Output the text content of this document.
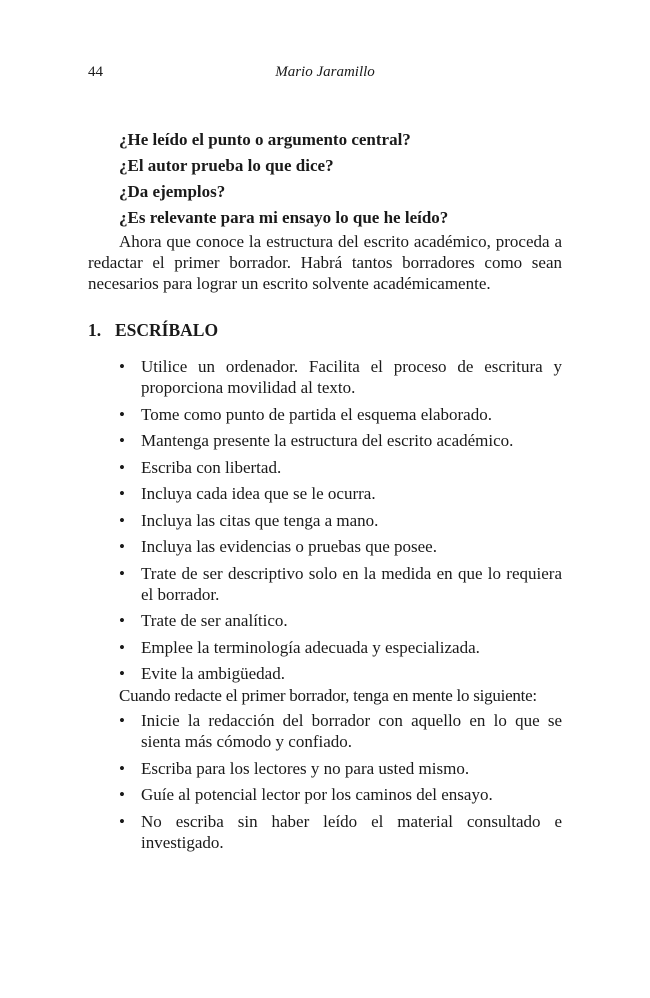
44	Mario Jaramillo
¿He leído el punto o argumento central?
¿El autor prueba lo que dice?
¿Da ejemplos?
¿Es relevante para mi ensayo lo que he leído?

Ahora que conoce la estructura del escrito académico, proceda a redactar el primer borrador. Habrá tantos borradores como sean necesarios para lograr un escrito solvente académicamente.

1. ESCRÍBALO
• Utilice un ordenador. Facilita el proceso de escritura y proporciona movilidad al texto.
• Tome como punto de partida el esquema elaborado.
• Mantenga presente la estructura del escrito académico.
• Escriba con libertad.
• Incluya cada idea que se le ocurra.
• Incluya las citas que tenga a mano.
• Incluya las evidencias o pruebas que posee.
• Trate de ser descriptivo solo en la medida en que lo requiera el borrador.
• Trate de ser analítico.
• Emplee la terminología adecuada y especializada.
• Evite la ambigüedad.

Cuando redacte el primer borrador, tenga en mente lo siguiente:

• Inicie la redacción del borrador con aquello en lo que se sienta más cómodo y confiado.
• Escriba para los lectores y no para usted mismo.
• Guíe al potencial lector por los caminos del ensayo.
• No escriba sin haber leído el material consultado e investigado.
